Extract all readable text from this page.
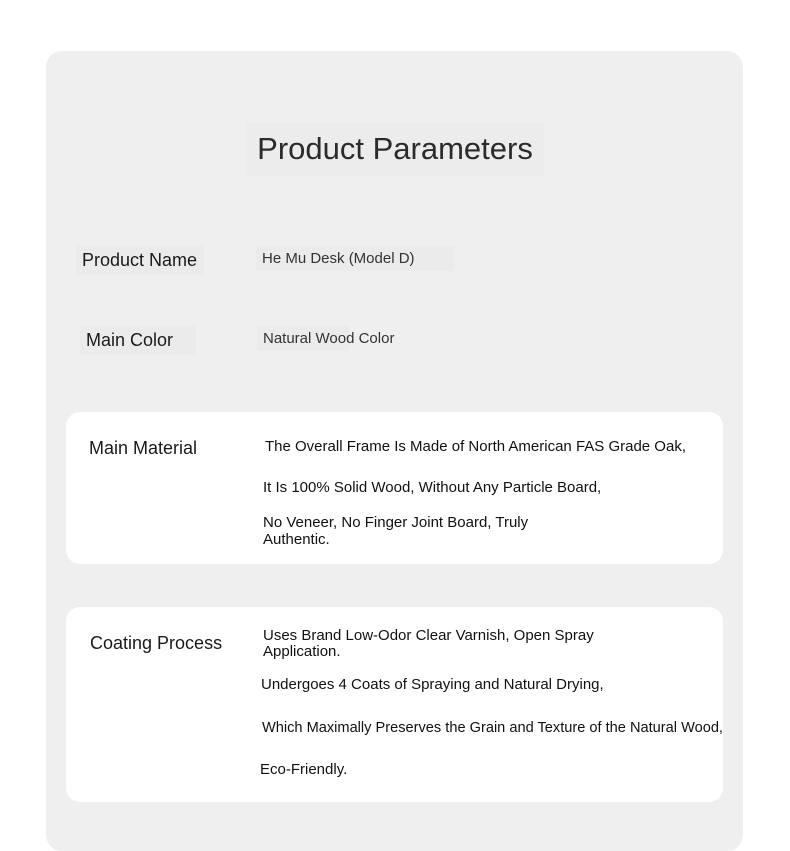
Product Parameters
Product Name	He Mu Desk (Model D)
Main Color	Natural Wood Color
Main Material	The Overall Frame Is Made of North American FAS Grade Oak,
It Is 100% Solid Wood, Without Any Particle Board,
No Veneer, No Finger Joint Board, Truly
Authentic.
Coating Process	Uses Brand Low-Odor Clear Varnish, Open Spray
Application.
Undergoes 4 Coats of Spraying and Natural Drying,
Which Maximally Preserves the Grain and Texture of the Natural Wood,
Eco-Friendly.
